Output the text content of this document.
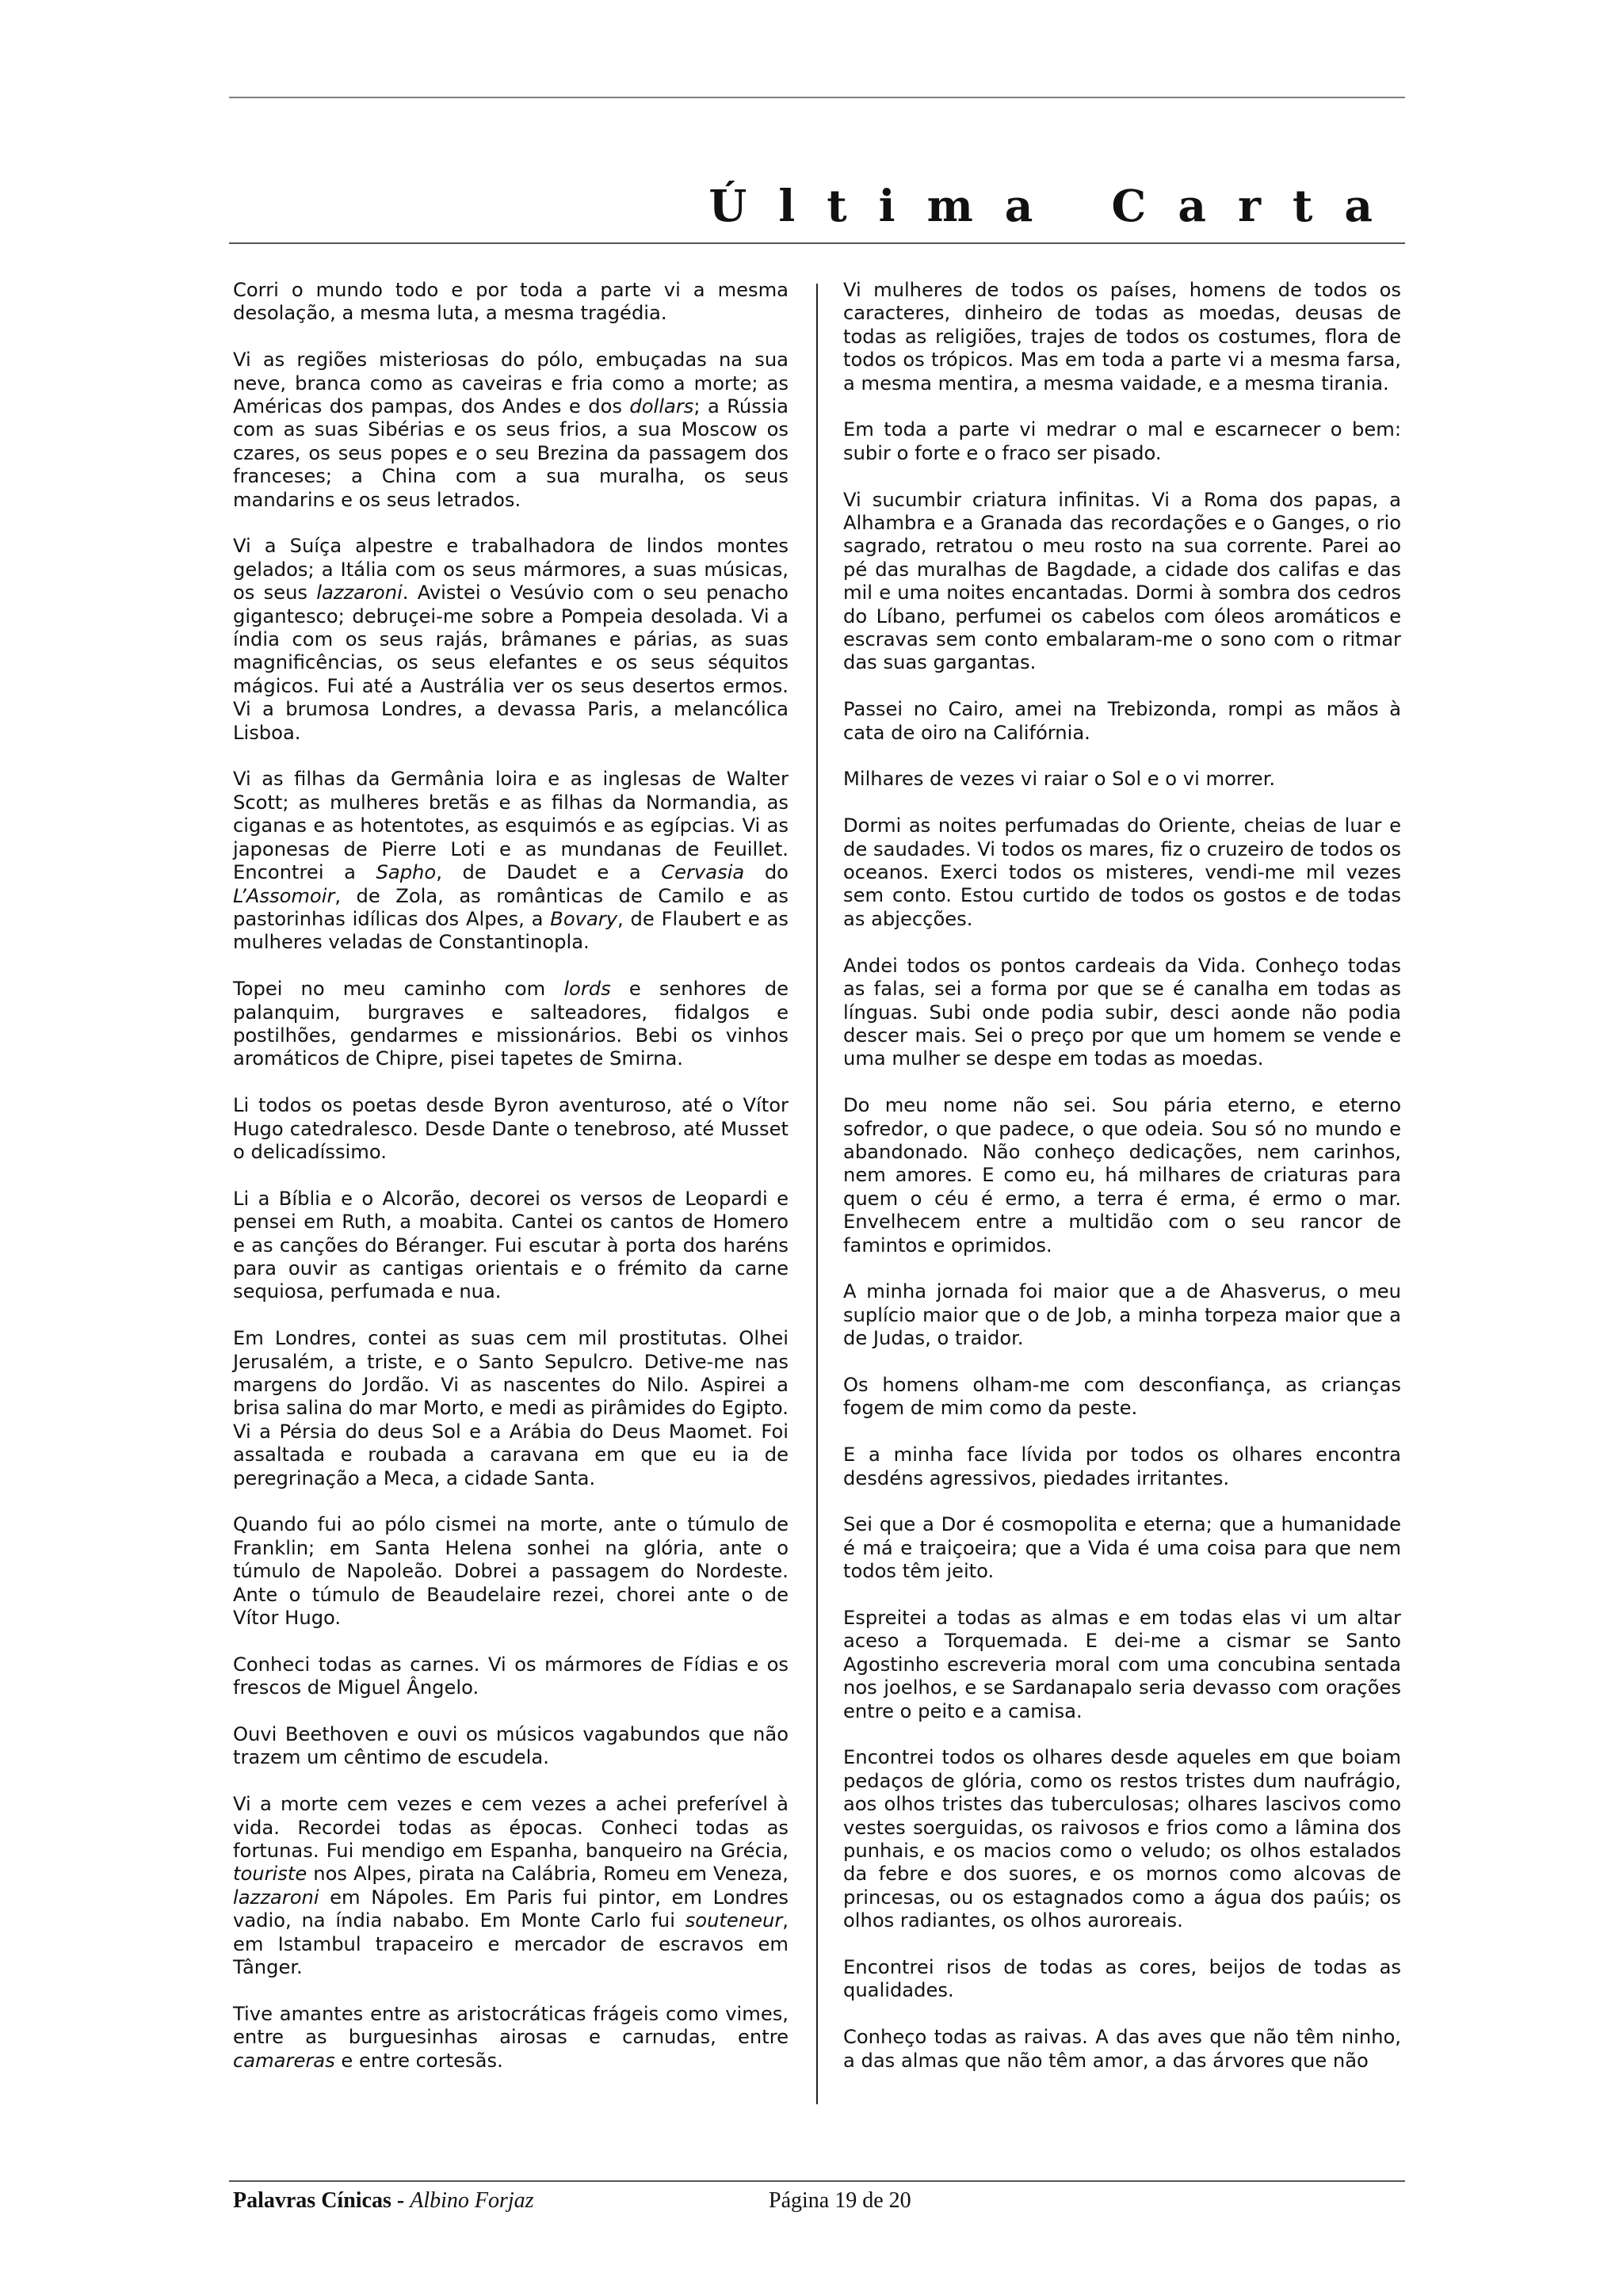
Última Carta

Corri o mundo todo e por toda a parte vi a mesma desolação, a mesma luta, a mesma tragédia.

Vi as regiões misteriosas do pólo, embuçadas na sua neve, branca como as caveiras e fria como a morte; as Américas dos pampas, dos Andes e dos dollars; a Rússia com as suas Sibérias e os seus frios, a sua Moscow os czares, os seus popes e o seu Brezina da passagem dos franceses; a China com a sua muralha, os seus mandarins e os seus letrados.

Vi a Suíça alpestre e trabalhadora de lindos montes gelados; a Itália com os seus mármores, a suas músicas, os seus lazzaroni. Avistei o Vesúvio com o seu penacho gigantesco; debruçei-me sobre a Pompeia desolada. Vi a índia com os seus rajás, brâmanes e párias, as suas magnificências, os seus elefantes e os seus séquitos mágicos. Fui até a Austrália ver os seus desertos ermos. Vi a brumosa Londres, a devassa Paris, a melancólica Lisboa.

Vi as filhas da Germânia loira e as inglesas de Walter Scott; as mulheres bretãs e as filhas da Normandia, as ciganas e as hotentotes, as esquimós e as egípcias. Vi as japonesas de Pierre Loti e as mundanas de Feuillet. Encontrei a Sapho, de Daudet e a Cervasia do L’Assomoir, de Zola, as românticas de Camilo e as pastorinhas idílicas dos Alpes, a Bovary, de Flaubert e as mulheres veladas de Constantinopla.

Topei no meu caminho com lords e senhores de palanquim, burgraves e salteadores, fidalgos e postilhões, gendarmes e missionários. Bebi os vinhos aromáticos de Chipre, pisei tapetes de Smirna.

Li todos os poetas desde Byron aventuroso, até o Vítor Hugo catedralesco. Desde Dante o tenebroso, até Musset o delicadíssimo.

Li a Bíblia e o Alcorão, decorei os versos de Leopardi e pensei em Ruth, a moabita. Cantei os cantos de Homero e as canções do Béranger. Fui escutar à porta dos haréns para ouvir as cantigas orientais e o frémito da carne sequiosa, perfumada e nua.

Em Londres, contei as suas cem mil prostitutas. Olhei Jerusalém, a triste, e o Santo Sepulcro. Detive-me nas margens do Jordão. Vi as nascentes do Nilo. Aspirei a brisa salina do mar Morto, e medi as pirâmides do Egipto. Vi a Pérsia do deus Sol e a Arábia do Deus Maomet. Foi assaltada e roubada a caravana em que eu ia de peregrinação a Meca, a cidade Santa.

Quando fui ao pólo cismei na morte, ante o túmulo de Franklin; em Santa Helena sonhei na glória, ante o túmulo de Napoleão. Dobrei a passagem do Nordeste. Ante o túmulo de Beaudelaire rezei, chorei ante o de Vítor Hugo.

Conheci todas as carnes. Vi os mármores de Fídias e os frescos de Miguel Ângelo.

Ouvi Beethoven e ouvi os músicos vagabundos que não trazem um cêntimo de escudela.

Vi a morte cem vezes e cem vezes a achei preferível à vida. Recordei todas as épocas. Conheci todas as fortunas. Fui mendigo em Espanha, banqueiro na Grécia, touriste nos Alpes, pirata na Calábria, Romeu em Veneza, lazzaroni em Nápoles. Em Paris fui pintor, em Londres vadio, na índia nababo. Em Monte Carlo fui souteneur, em Istambul trapaceiro e mercador de escravos em Tânger.

Tive amantes entre as aristocráticas frágeis como vimes, entre as burguesinhas airosas e carnudas, entre camareras e entre cortesãs.

Vi mulheres de todos os países, homens de todos os caracteres, dinheiro de todas as moedas, deusas de todas as religiões, trajes de todos os costumes, flora de todos os trópicos. Mas em toda a parte vi a mesma farsa, a mesma mentira, a mesma vaidade, e a mesma tirania.

Em toda a parte vi medrar o mal e escarnecer o bem: subir o forte e o fraco ser pisado.

Vi sucumbir criatura infinitas. Vi a Roma dos papas, a Alhambra e a Granada das recordações e o Ganges, o rio sagrado, retratou o meu rosto na sua corrente. Parei ao pé das muralhas de Bagdade, a cidade dos califas e das mil e uma noites encantadas. Dormi à sombra dos cedros do Líbano, perfumei os cabelos com óleos aromáticos e escravas sem conto embalaram-me o sono com o ritmar das suas gargantas.

Passei no Cairo, amei na Trebizonda, rompi as mãos à cata de oiro na Califórnia.

Milhares de vezes vi raiar o Sol e o vi morrer.

Dormi as noites perfumadas do Oriente, cheias de luar e de saudades. Vi todos os mares, fiz o cruzeiro de todos os oceanos. Exerci todos os misteres, vendi-me mil vezes sem conto. Estou curtido de todos os gostos e de todas as abjecções.

Andei todos os pontos cardeais da Vida. Conheço todas as falas, sei a forma por que se é canalha em todas as línguas. Subi onde podia subir, desci aonde não podia descer mais. Sei o preço por que um homem se vende e uma mulher se despe em todas as moedas.

Do meu nome não sei. Sou pária eterno, e eterno sofredor, o que padece, o que odeia. Sou só no mundo e abandonado. Não conheço dedicações, nem carinhos, nem amores. E como eu, há milhares de criaturas para quem o céu é ermo, a terra é erma, é ermo o mar. Envelhecem entre a multidão com o seu rancor de famintos e oprimidos.

A minha jornada foi maior que a de Ahasverus, o meu suplício maior que o de Job, a minha torpeza maior que a de Judas, o traidor.

Os homens olham-me com desconfiança, as crianças fogem de mim como da peste.

E a minha face lívida por todos os olhares encontra desdéns agressivos, piedades irritantes.

Sei que a Dor é cosmopolita e eterna; que a humanidade é má e traiçoeira; que a Vida é uma coisa para que nem todos têm jeito.

Espreitei a todas as almas e em todas elas vi um altar aceso a Torquemada. E dei-me a cismar se Santo Agostinho escreveria moral com uma concubina sentada nos joelhos, e se Sardanapalo seria devasso com orações entre o peito e a camisa.

Encontrei todos os olhares desde aqueles em que boiam pedaços de glória, como os restos tristes dum naufrágio, aos olhos tristes das tuberculosas; olhares lascivos como vestes soerguidas, os raivosos e frios como a lâmina dos punhais, e os macios como o veludo; os olhos estalados da febre e dos suores, e os mornos como alcovas de princesas, ou os estagnados como a água dos paúis; os olhos radiantes, os olhos auroreais.

Encontrei risos de todas as cores, beijos de todas as qualidades.

Conheço todas as raivas. A das aves que não têm ninho, a das almas que não têm amor, a das árvores que não

Palavras Cínicas - Albino Forjaz	Página 19 de 20
